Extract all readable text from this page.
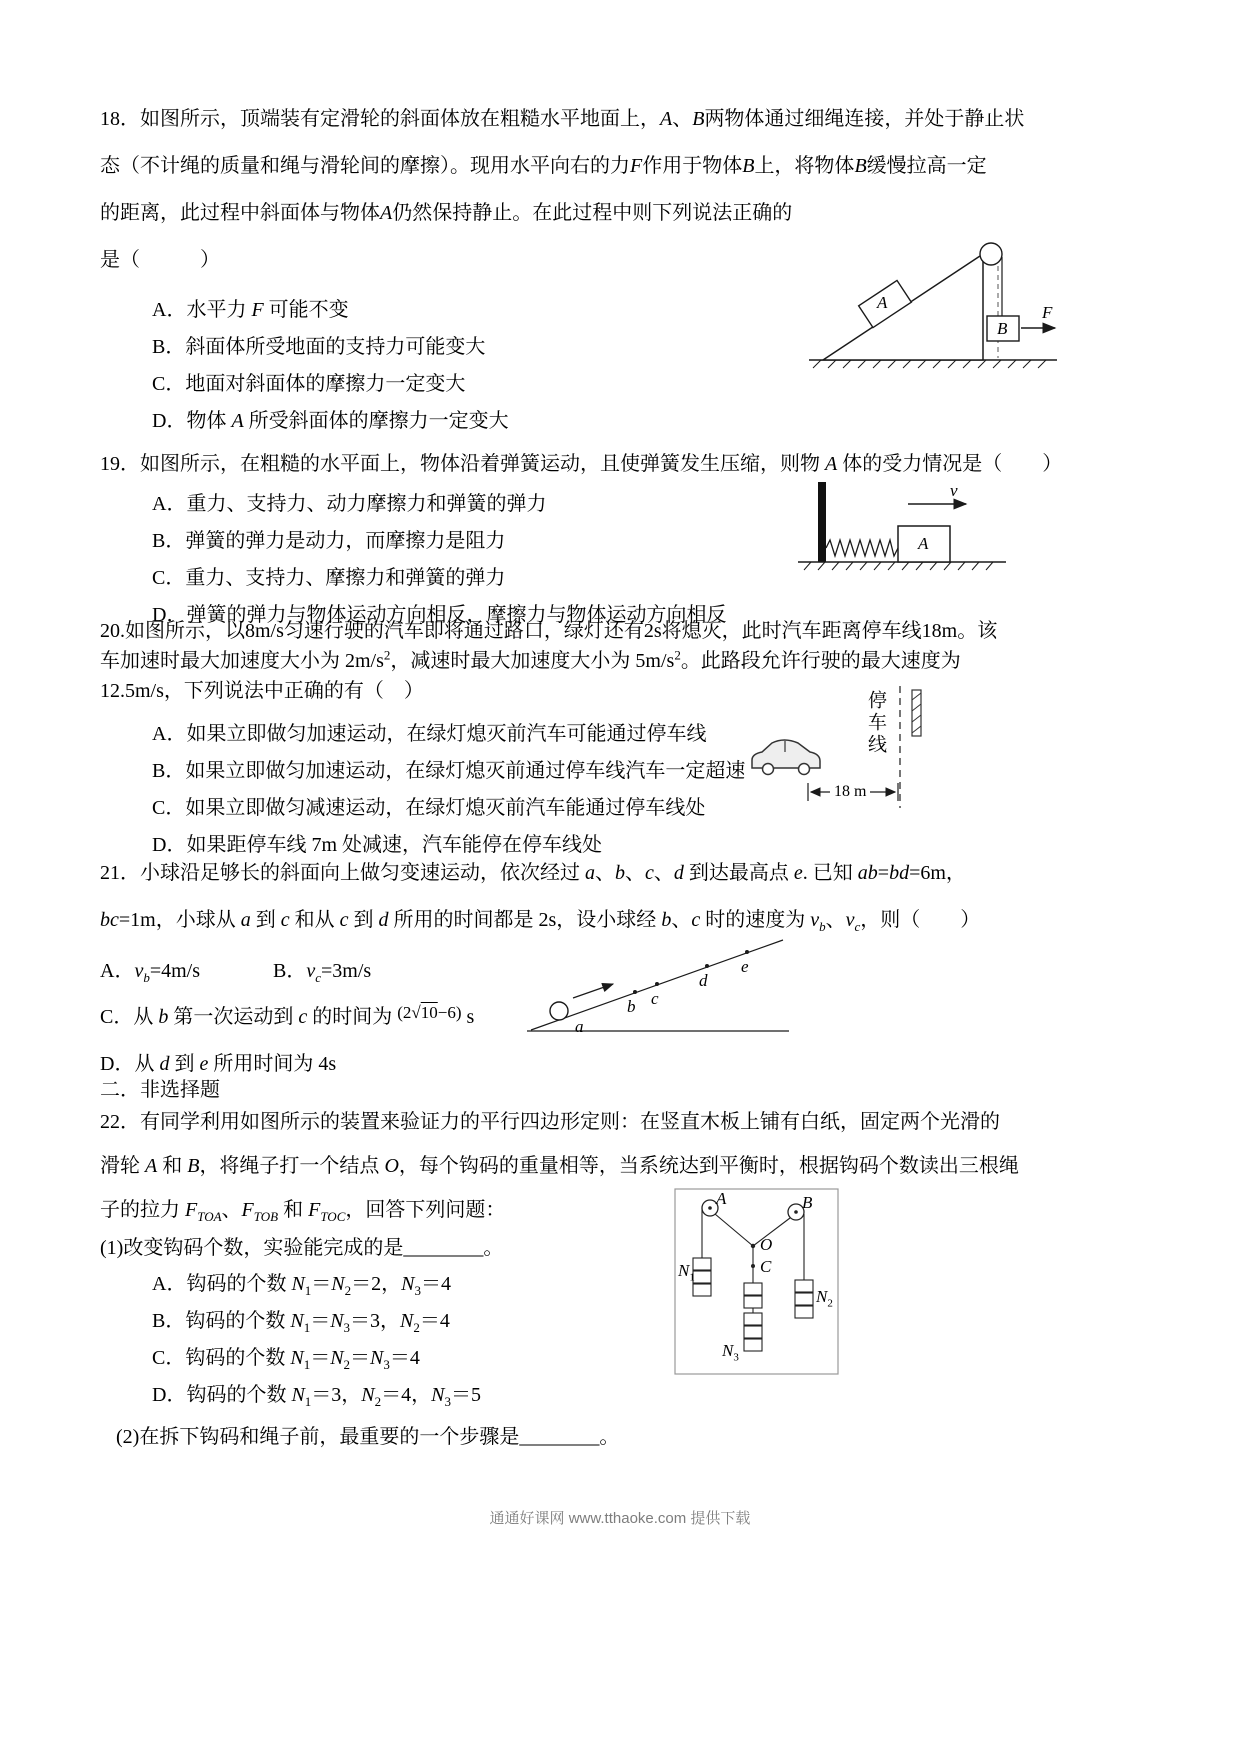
18．如图所示，顶端装有定滑轮的斜面体放在粗糙水平地面上，A、B两物体通过细绳连接，并处于静止状
态（不计绳的质量和绳与滑轮间的摩擦）。现用水平向右的力F作用于物体B上，将物体B缓慢拉高一定
的距离，此过程中斜面体与物体A仍然保持静止。在此过程中则下列说法正确的
是（　　　）
A．水平力 F 可能不变
B．斜面体所受地面的支持力可能变大
C．地面对斜面体的摩擦力一定变大
D．物体 A 所受斜面体的摩擦力一定变大
A
B
F
19．如图所示，在粗糙的水平面上，物体沿着弹簧运动，且使弹簧发生压缩，则物 A 体的受力情况是（　　）
A．重力、支持力、动力摩擦力和弹簧的弹力
B．弹簧的弹力是动力，而摩擦力是阻力
C．重力、支持力、摩擦力和弹簧的弹力
D．弹簧的弹力与物体运动方向相反，摩擦力与物体运动方向相反
A
v
20.如图所示，以8m/s匀速行驶的汽车即将通过路口，绿灯还有2s将熄灭，此时汽车距离停车线18m。该
车加速时最大加速度大小为 $2m/s^2$，减速时最大加速度大小为 $5m/s^2$。此路段允许行驶的最大速度为
12.5m/s，下列说法中正确的有（　）
A．如果立即做匀加速运动，在绿灯熄灭前汽车可能通过停车线
B．如果立即做匀加速运动，在绿灯熄灭前通过停车线汽车一定超速
C．如果立即做匀减速运动，在绿灯熄灭前汽车能通过停车线处
D．如果距停车线 7m 处减速，汽车能停在停车线处
停车线
18 m
21．小球沿足够长的斜面向上做匀变速运动，依次经过 a、b、c、d 到达最高点 e. 已知 ab=bd=6m，
bc=1m，小球从 a 到 c 和从 c 到 d 所用的时间都是 2s，设小球经 b、c 时的速度为 $v_b$、$v_c$，则（　　）
A．$v_b=4m/s$	B．$v_c=3m/s$
C．从 b 第一次运动到 c 的时间为 $^{(2√10-6)}$ s
D．从 d 到 e 所用时间为 4s
a
b c
d
e
二．非选择题
22．有同学利用如图所示的装置来验证力的平行四边形定则：在竖直木板上铺有白纸，固定两个光滑的
滑轮 A 和 B，将绳子打一个结点 O，每个钩码的重量相等，当系统达到平衡时，根据钩码个数读出三根绳
子的拉力 $F_{TOA}$、$F_{TOB}$ 和 $F_{TOC}$，回答下列问题：
(1)改变钩码个数，实验能完成的是________。
A．钩码的个数 $N_1=N_2=2$，$N_3=4$
B．钩码的个数 $N_1=N_3=3$，$N_2=4$
C．钩码的个数 $N_1=N_2=N_3=4$
D．钩码的个数 $N_1=3$，$N_2=4$，$N_3=5$
(2)在拆下钩码和绳子前，最重要的一个步骤是________。
A	B
O
C
$N_1$
$N_2$
$N_3$
通通好课网 www.tthaoke.com 提供下载
